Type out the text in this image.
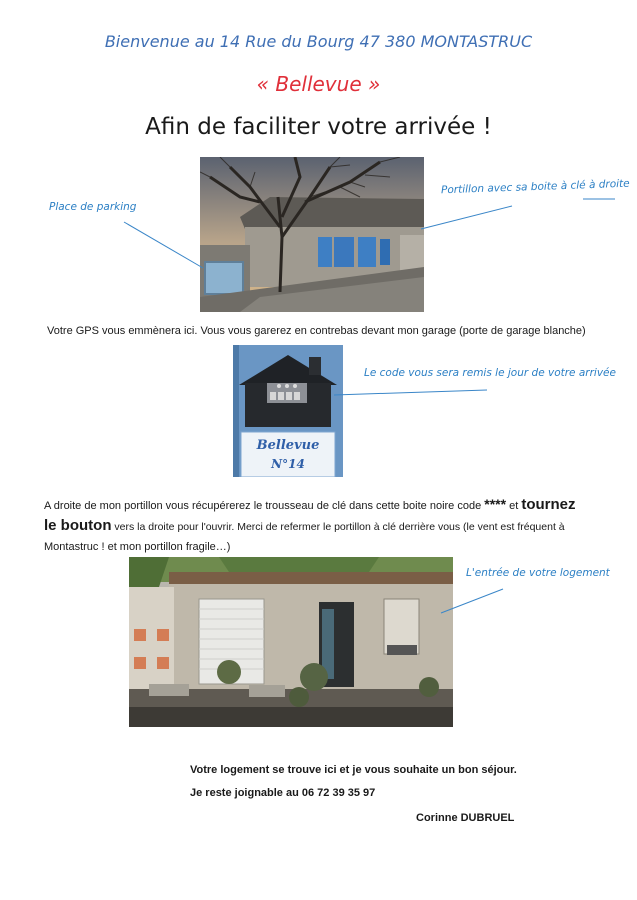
Bienvenue au 14 Rue du Bourg 47 380 MONTASTRUC
« Bellevue »
Afin de faciliter votre arrivée !
Place de parking
Portillon avec sa boite à clé à droite
Votre GPS vous emmènera ici. Vous vous garerez en contrebas devant mon garage (porte de garage blanche)
Bellevue
N°14
Le code vous sera remis le jour de votre arrivée
A droite de mon portillon vous récupérerez le trousseau de clé dans cette boite noire code **** et tournez
le bouton vers la droite pour l'ouvrir. Merci de refermer le portillon à clé derrière vous (le vent est fréquent à
Montastruc ! et mon portillon fragile…)
L'entrée de votre logement
Votre logement se trouve ici et je vous souhaite un bon séjour.
Je reste joignable au 06 72 39 35 97
Corinne DUBRUEL
